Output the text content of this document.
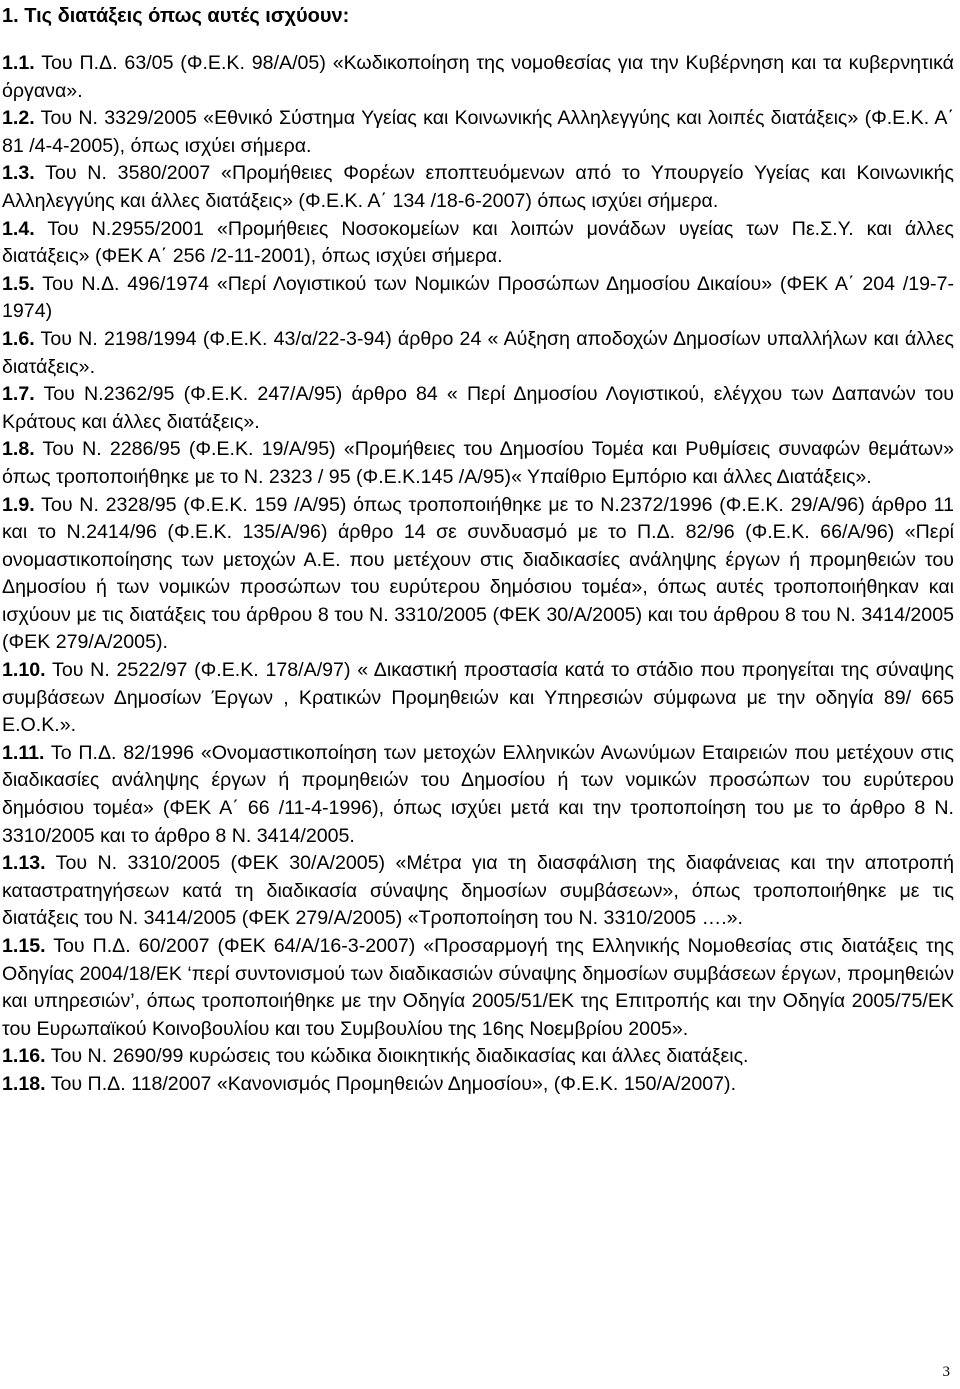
1. Τις διατάξεις όπως αυτές ισχύουν:

1.1. Του Π.Δ. 63/05 (Φ.Ε.Κ. 98/Α/05) «Κωδικοποίηση της νομοθεσίας για την Κυβέρνηση και τα κυβερνητικά όργανα».

1.2. Του Ν. 3329/2005 «Εθνικό Σύστημα Υγείας και Κοινωνικής Αλληλεγγύης και λοιπές διατάξεις» (Φ.Ε.Κ. Α΄ 81 /4-4-2005), όπως ισχύει σήμερα.

1.3. Του Ν. 3580/2007 «Προμήθειες Φορέων εποπτευόμενων από το Υπουργείο Υγείας και Κοινωνικής Αλληλεγγύης και άλλες διατάξεις» (Φ.Ε.Κ. Α΄ 134 /18-6-2007) όπως ισχύει σήμερα.

1.4. Του Ν.2955/2001 «Προμήθειες Νοσοκομείων και λοιπών μονάδων υγείας των Πε.Σ.Υ. και άλλες διατάξεις» (ΦΕΚ Α΄ 256 /2-11-2001), όπως ισχύει σήμερα.

1.5. Του Ν.Δ. 496/1974 «Περί Λογιστικού των Νομικών Προσώπων Δημοσίου Δικαίου» (ΦΕΚ Α΄ 204 /19-7-1974)

1.6. Του Ν. 2198/1994 (Φ.Ε.Κ. 43/α/22-3-94) άρθρο 24 « Αύξηση αποδοχών Δημοσίων υπαλλήλων και άλλες διατάξεις».

1.7. Του Ν.2362/95 (Φ.Ε.Κ. 247/Α/95) άρθρο 84 « Περί Δημοσίου Λογιστικού, ελέγχου των Δαπανών του Κράτους και άλλες διατάξεις».

1.8. Του Ν. 2286/95 (Φ.Ε.Κ. 19/Α/95) «Προμήθειες του Δημοσίου Τομέα και Ρυθμίσεις συναφών θεμάτων» όπως τροποποιήθηκε με το Ν. 2323 / 95 (Φ.Ε.Κ.145 /Α/95)« Υπαίθριο Εμπόριο και άλλες Διατάξεις».

1.9. Του Ν. 2328/95 (Φ.Ε.Κ. 159 /Α/95) όπως τροποποιήθηκε με το Ν.2372/1996 (Φ.Ε.Κ. 29/Α/96) άρθρο 11 και το Ν.2414/96 (Φ.Ε.Κ. 135/Α/96) άρθρο 14 σε συνδυασμό με το Π.Δ. 82/96 (Φ.Ε.Κ. 66/Α/96) «Περί ονομαστικοποίησης των μετοχών Α.Ε. που μετέχουν στις διαδικασίες ανάληψης έργων ή προμηθειών του Δημοσίου ή των νομικών προσώπων του ευρύτερου δημόσιου τομέα», όπως αυτές τροποποιήθηκαν και ισχύουν με τις διατάξεις του άρθρου 8 του Ν. 3310/2005 (ΦΕΚ 30/Α/2005) και του άρθρου 8 του Ν. 3414/2005 (ΦΕΚ 279/Α/2005).

1.10. Του Ν. 2522/97 (Φ.Ε.Κ. 178/Α/97) « Δικαστική προστασία κατά το στάδιο που προηγείται της σύναψης συμβάσεων Δημοσίων Έργων , Κρατικών Προμηθειών και Υπηρεσιών σύμφωνα με την οδηγία 89/ 665 Ε.Ο.Κ.».

1.11. Το Π.Δ. 82/1996 «Ονομαστικοποίηση των μετοχών Ελληνικών Ανωνύμων Εταιρειών που μετέχουν στις διαδικασίες ανάληψης έργων ή προμηθειών του Δημοσίου ή των νομικών προσώπων του ευρύτερου δημόσιου τομέα» (ΦΕΚ Α΄ 66 /11-4-1996), όπως ισχύει μετά και την τροποποίηση του με το άρθρο 8 Ν. 3310/2005 και το άρθρο 8 Ν. 3414/2005.

1.13. Του Ν. 3310/2005 (ΦΕΚ 30/Α/2005) «Μέτρα για τη διασφάλιση της διαφάνειας και την αποτροπή καταστρατηγήσεων κατά τη διαδικασία σύναψης δημοσίων συμβάσεων», όπως τροποποιήθηκε με τις διατάξεις του Ν. 3414/2005 (ΦΕΚ 279/Α/2005) «Τροποποίηση του Ν. 3310/2005 ….».

1.15. Του Π.Δ. 60/2007 (ΦΕΚ 64/Α/16-3-2007) «Προσαρμογή της Ελληνικής Νομοθεσίας στις διατάξεις της Οδηγίας 2004/18/ΕΚ ‘περί συντονισμού των διαδικασιών σύναψης δημοσίων συμβάσεων έργων, προμηθειών και υπηρεσιών’, όπως τροποποιήθηκε με την Οδηγία 2005/51/ΕΚ της Επιτροπής και την Οδηγία 2005/75/ΕΚ του Ευρωπαϊκού Κοινοβουλίου και του Συμβουλίου της 16ης Νοεμβρίου 2005».

1.16. Του Ν. 2690/99 κυρώσεις του κώδικα διοικητικής διαδικασίας και άλλες διατάξεις.

1.18. Του Π.Δ. 118/2007 «Κανονισμός Προμηθειών Δημοσίου», (Φ.Ε.Κ. 150/Α/2007).

3
